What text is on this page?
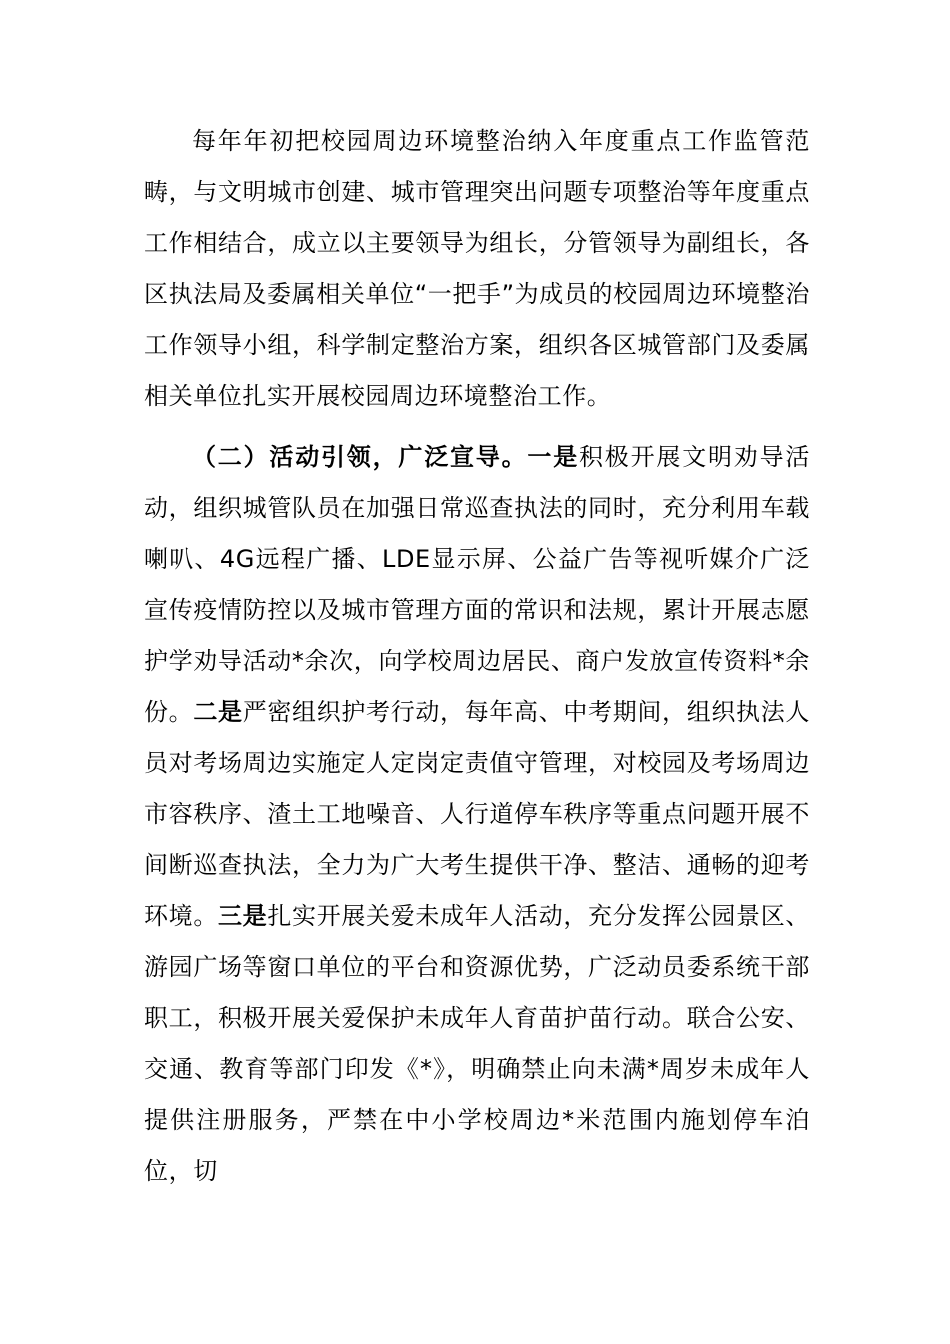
每年年初把校园周边环境整治纳入年度重点工作监管范畴，与文明城市创建、城市管理突出问题专项整治等年度重点工作相结合，成立以主要领导为组长，分管领导为副组长，各区执法局及委属相关单位“一把手”为成员的校园周边环境整治工作领导小组，科学制定整治方案，组织各区城管部门及委属相关单位扎实开展校园周边环境整治工作。

（二）活动引领，广泛宣导。一是积极开展文明劝导活动，组织城管队员在加强日常巡查执法的同时，充分利用车载喇叭、4G远程广播、LDE显示屏、公益广告等视听媒介广泛宣传疫情防控以及城市管理方面的常识和法规，累计开展志愿护学劝导活动*余次，向学校周边居民、商户发放宣传资料*余份。二是严密组织护考行动，每年高、中考期间，组织执法人员对考场周边实施定人定岗定责值守管理，对校园及考场周边市容秩序、渣土工地噪音、人行道停车秩序等重点问题开展不间断巡查执法，全力为广大考生提供干净、整洁、通畅的迎考环境。三是扎实开展关爱未成年人活动，充分发挥公园景区、游园广场等窗口单位的平台和资源优势，广泛动员委系统干部职工，积极开展关爱保护未成年人育苗护苗行动。联合公安、交通、教育等部门印发《*》，明确禁止向未满*周岁未成年人提供注册服务，严禁在中小学校周边*米范围内施划停车泊位，切
